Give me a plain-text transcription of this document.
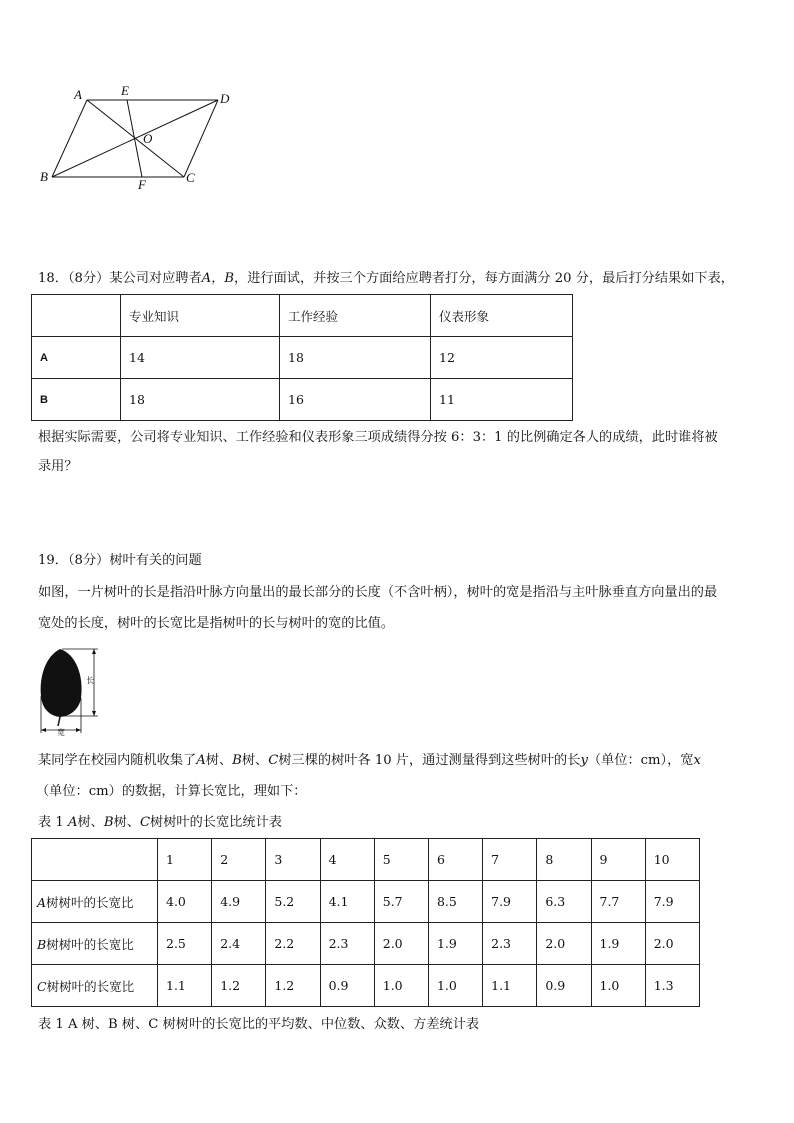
A	E
D
O
B
F	C
18．（8分）某公司对应聘者A，B，进行面试，并按三个方面给应聘者打分，每方面满分 20 分，最后打分结果如下表，
	专业知识	工作经验	仪表形象
A	14	18	12
B	18	16	11
根据实际需要，公司将专业知识、工作经验和仪表形象三项成绩得分按 6：3：1 的比例确定各人的成绩，此时谁将被
录用？
19．（8分）树叶有关的问题
如图，一片树叶的长是指沿叶脉方向量出的最长部分的长度（不含叶柄），树叶的宽是指沿与主叶脉垂直方向量出的最
宽处的长度，树叶的长宽比是指树叶的长与树叶的宽的比值。
长
宽
某同学在校园内随机收集了A树、B树、C树三棵的树叶各 10 片，通过测量得到这些树叶的长y（单位：cm），宽x
（单位：cm）的数据，计算长宽比，理如下：
表 1 A树、B树、C树树叶的长宽比统计表
	1	2	3	4	5	6	7	8	9	10
A树树叶的长宽比	4.0	4.9	5.2	4.1	5.7	8.5	7.9	6.3	7.7	7.9
B树树叶的长宽比	2.5	2.4	2.2	2.3	2.0	1.9	2.3	2.0	1.9	2.0
C树树叶的长宽比	1.1	1.2	1.2	0.9	1.0	1.0	1.1	0.9	1.0	1.3
表 1 A 树、B 树、C 树树叶的长宽比的平均数、中位数、众数、方差统计表
